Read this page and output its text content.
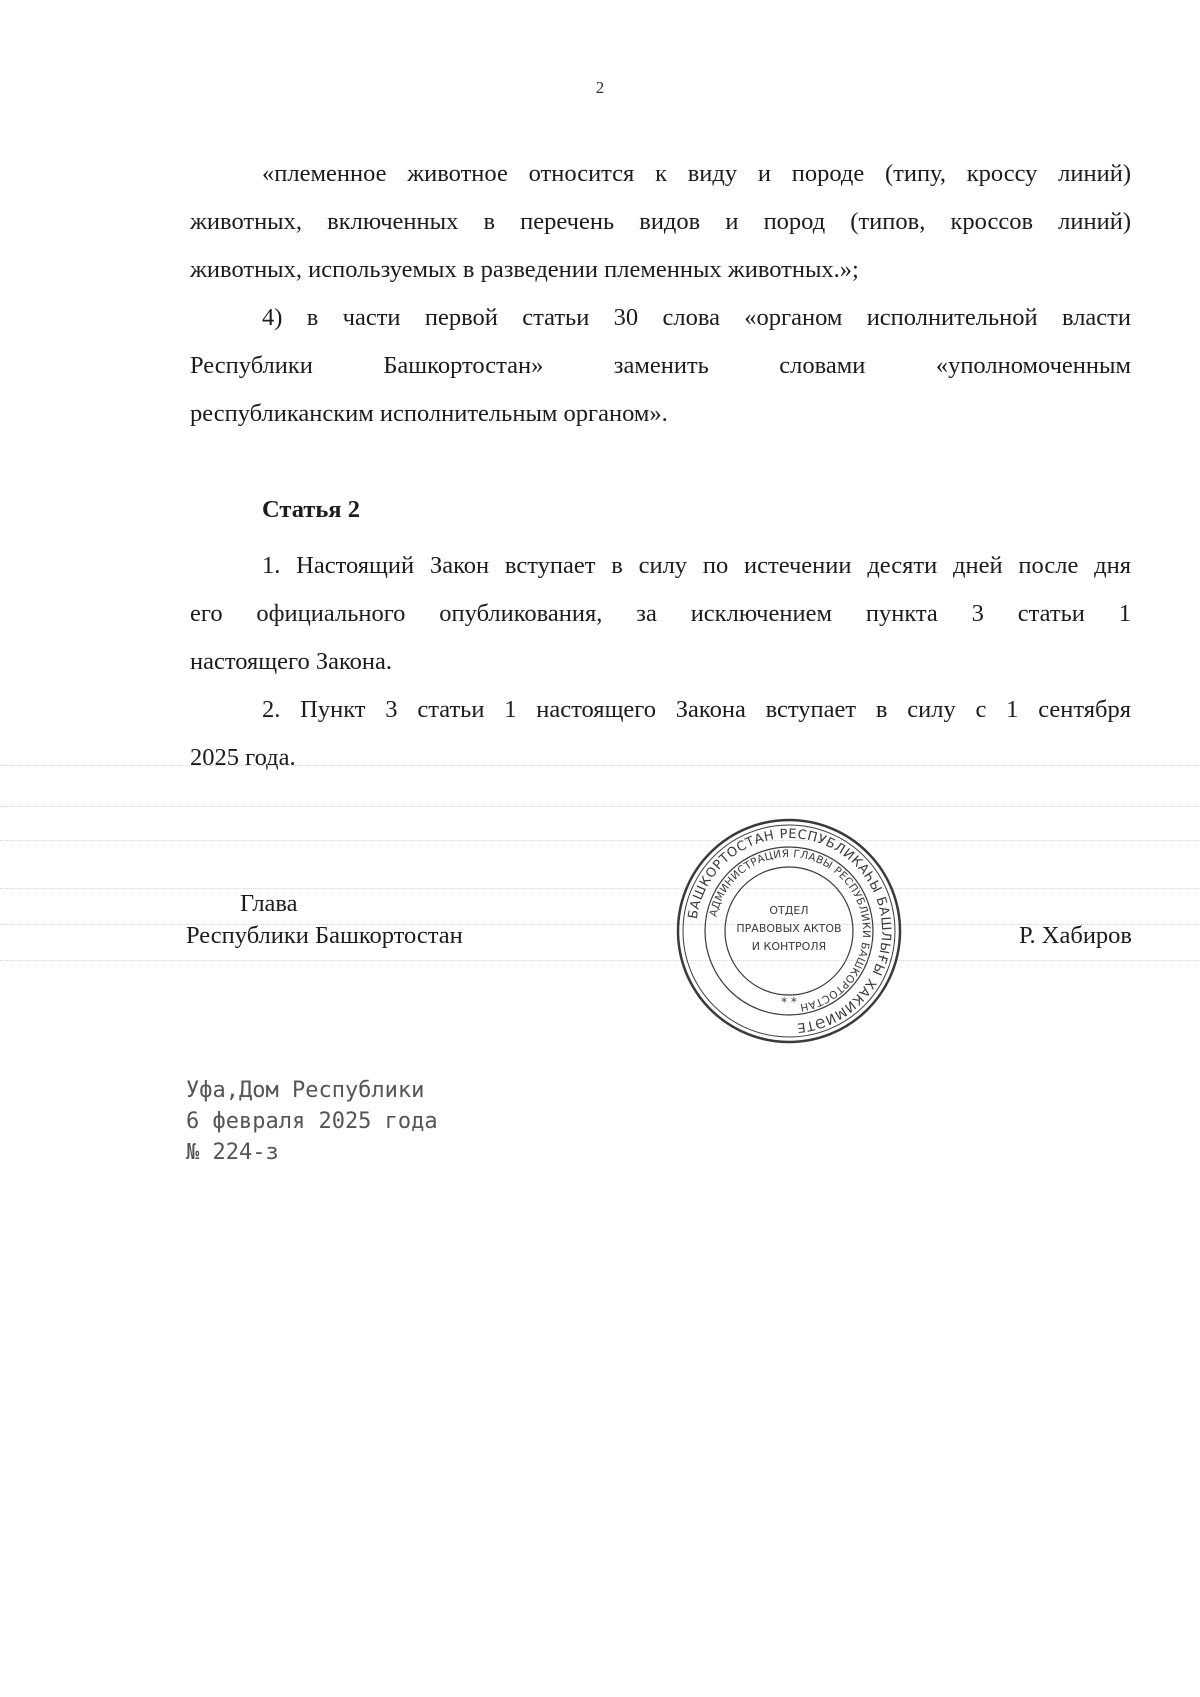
2

«племенное животное относится к виду и породе (типу, кроссу линий)
животных, включенных в перечень видов и пород (типов, кроссов линий)
животных, используемых в разведении племенных животных.»;

4) в части первой статьи 30 слова «органом исполнительной власти
Республики Башкортостан» заменить словами «уполномоченным
республиканским исполнительным органом».

Статья 2

1. Настоящий Закон вступает в силу по истечении десяти дней после дня
его официального опубликования, за исключением пункта 3 статьи 1
настоящего Закона.

2. Пункт 3 статьи 1 настоящего Закона вступает в силу с 1 сентября
2025 года.

Глава
Республики Башкортостан	Р. Хабиров
БАШКОРТОСТАН РЕСПУБЛИКАҺЫ БАШЛЫҒЫ ХАКИМИӘТЕ
АДМИНИСТРАЦИЯ ГЛАВЫ РЕСПУБЛИКИ БАШКОРТОСТАН
ОТДЕЛ
ПРАВОВЫХ АКТОВ
И КОНТРОЛЯ
* *
Уфа,Дом Республики
6 февраля 2025 года
№ 224-з
